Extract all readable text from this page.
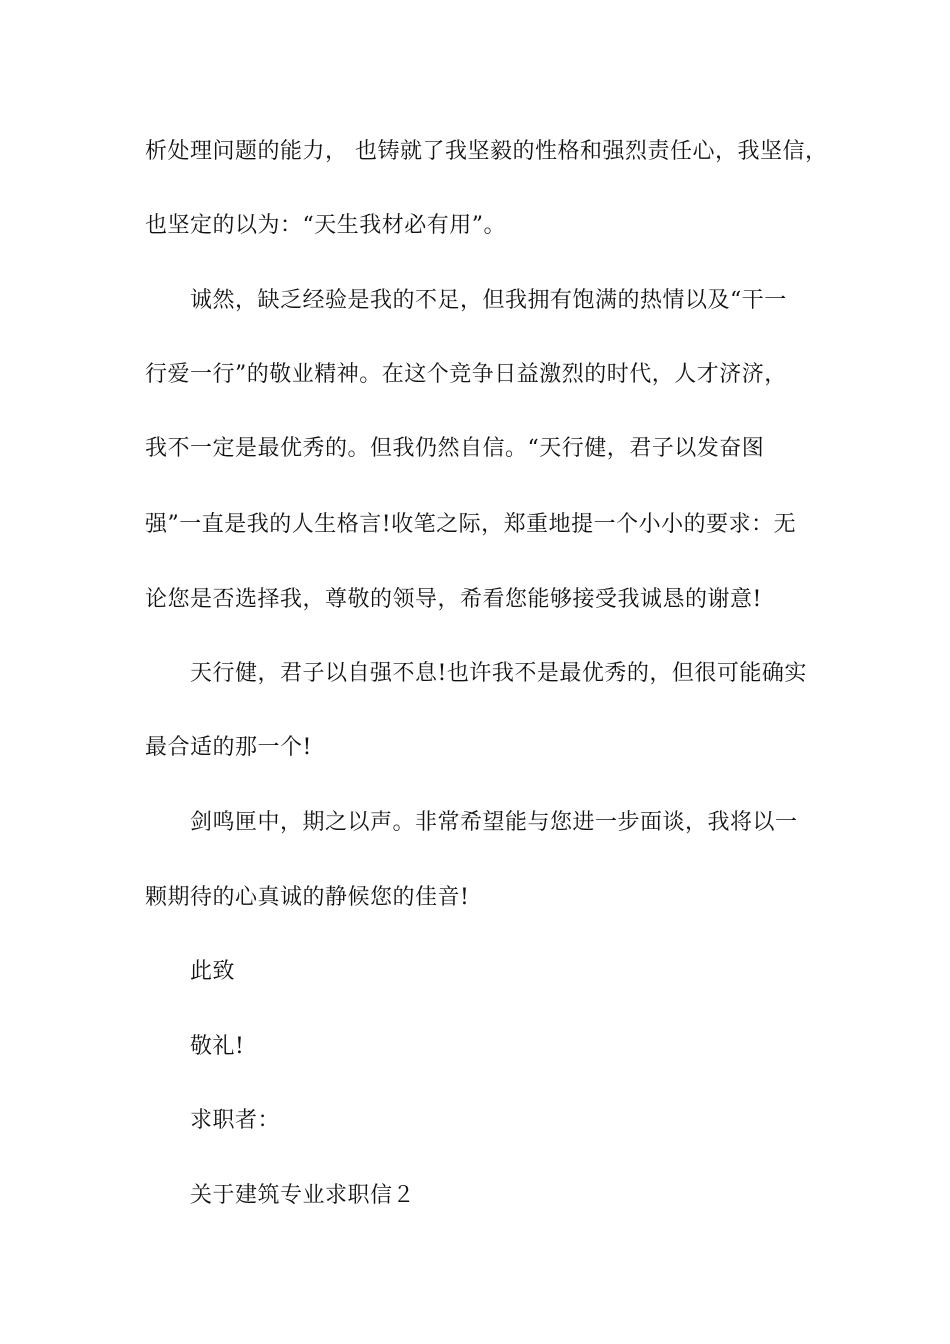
析处理问题的能力， 也铸就了我坚毅的性格和强烈责任心，我坚信，
也坚定的以为：“天生我材必有用”。
诚然，缺乏经验是我的不足，但我拥有饱满的热情以及“干一
行爱一行”的敬业精神。在这个竞争日益激烈的时代，人才济济，
我不一定是最优秀的。但我仍然自信。“天行健，君子以发奋图
强”一直是我的人生格言!收笔之际，郑重地提一个小小的要求：无
论您是否选择我，尊敬的领导，希看您能够接受我诚恳的谢意!
天行健，君子以自强不息!也许我不是最优秀的，但很可能确实
最合适的那一个!
剑鸣匣中，期之以声。非常希望能与您进一步面谈，我将以一
颗期待的心真诚的静候您的佳音!
此致
敬礼!
求职者：
关于建筑专业求职信２
